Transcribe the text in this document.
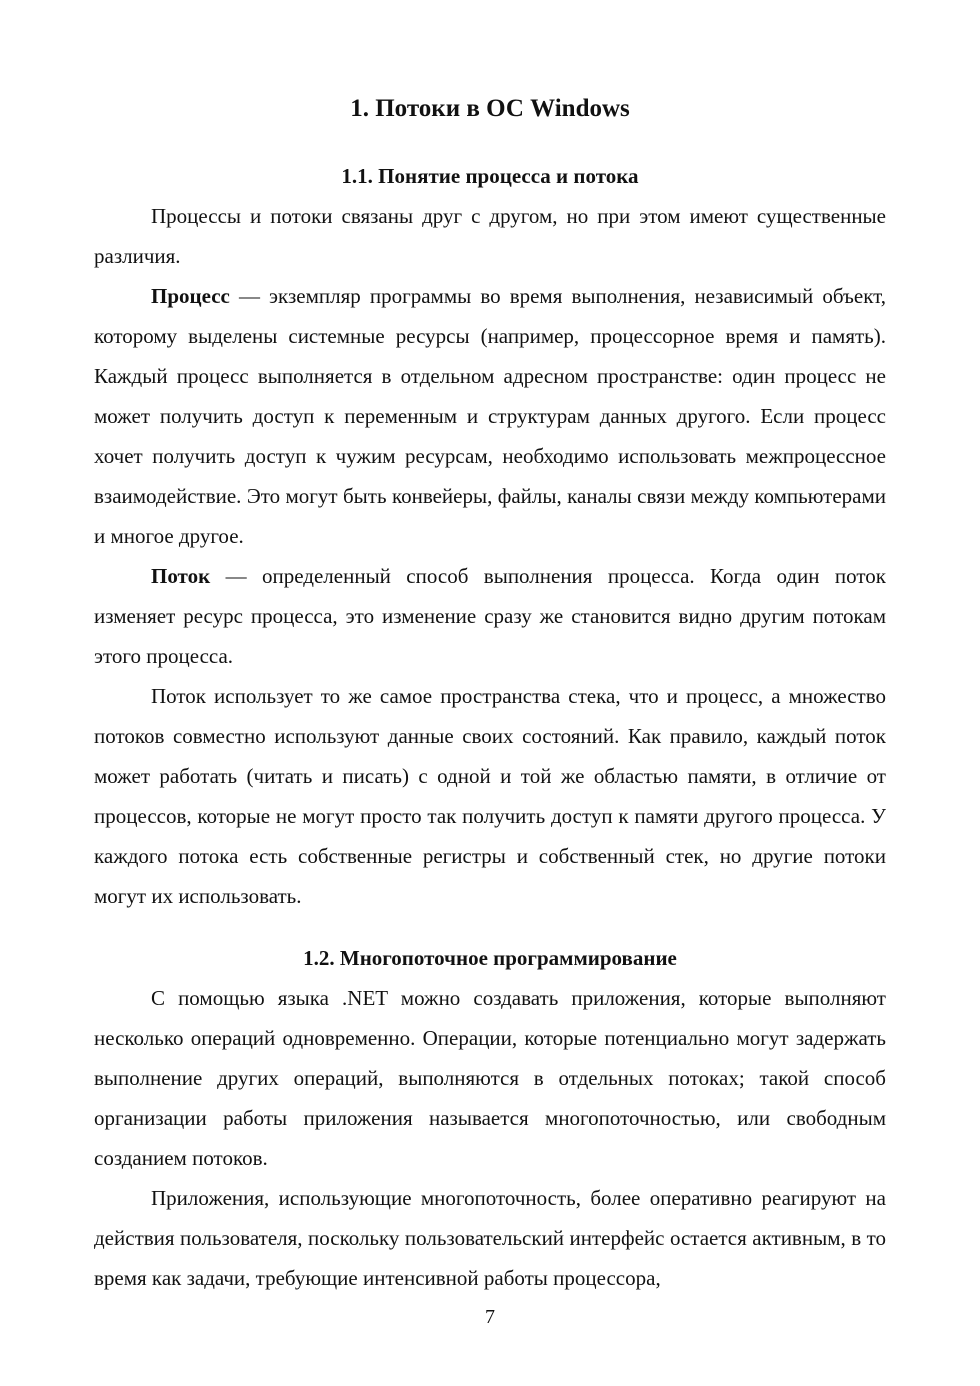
1. Потоки в ОС Windows
1.1. Понятие процесса и потока

Процессы и потоки связаны друг с другом, но при этом имеют существенные различия.

Процесс — экземпляр программы во время выполнения, независимый объект, которому выделены системные ресурсы (например, процессорное время и память). Каждый процесс выполняется в отдельном адресном пространстве: один процесс не может получить доступ к переменным и структурам данных другого. Если процесс хочет получить доступ к чужим ресурсам, необходимо использовать межпроцессное взаимодействие. Это могут быть конвейеры, файлы, каналы связи между компьютерами и многое другое.

Поток — определенный способ выполнения процесса. Когда один поток изменяет ресурс процесса, это изменение сразу же становится видно другим потокам этого процесса.

Поток использует то же самое пространства стека, что и процесс, а множество потоков совместно используют данные своих состояний. Как правило, каждый поток может работать (читать и писать) с одной и той же областью памяти, в отличие от процессов, которые не могут просто так получить доступ к памяти другого процесса. У каждого потока есть собственные регистры и собственный стек, но другие потоки могут их использовать.

1.2. Многопоточное программирование

С помощью языка .NET можно создавать приложения, которые выполняют несколько операций одновременно. Операции, которые потенциально могут задержать выполнение других операций, выполняются в отдельных потоках; такой способ организации работы приложения называется многопоточностью, или свободным созданием потоков.

Приложения, использующие многопоточность, более оперативно реагируют на действия пользователя, поскольку пользовательский интерфейс остается активным, в то время как задачи, требующие интенсивной работы процессора,

7
